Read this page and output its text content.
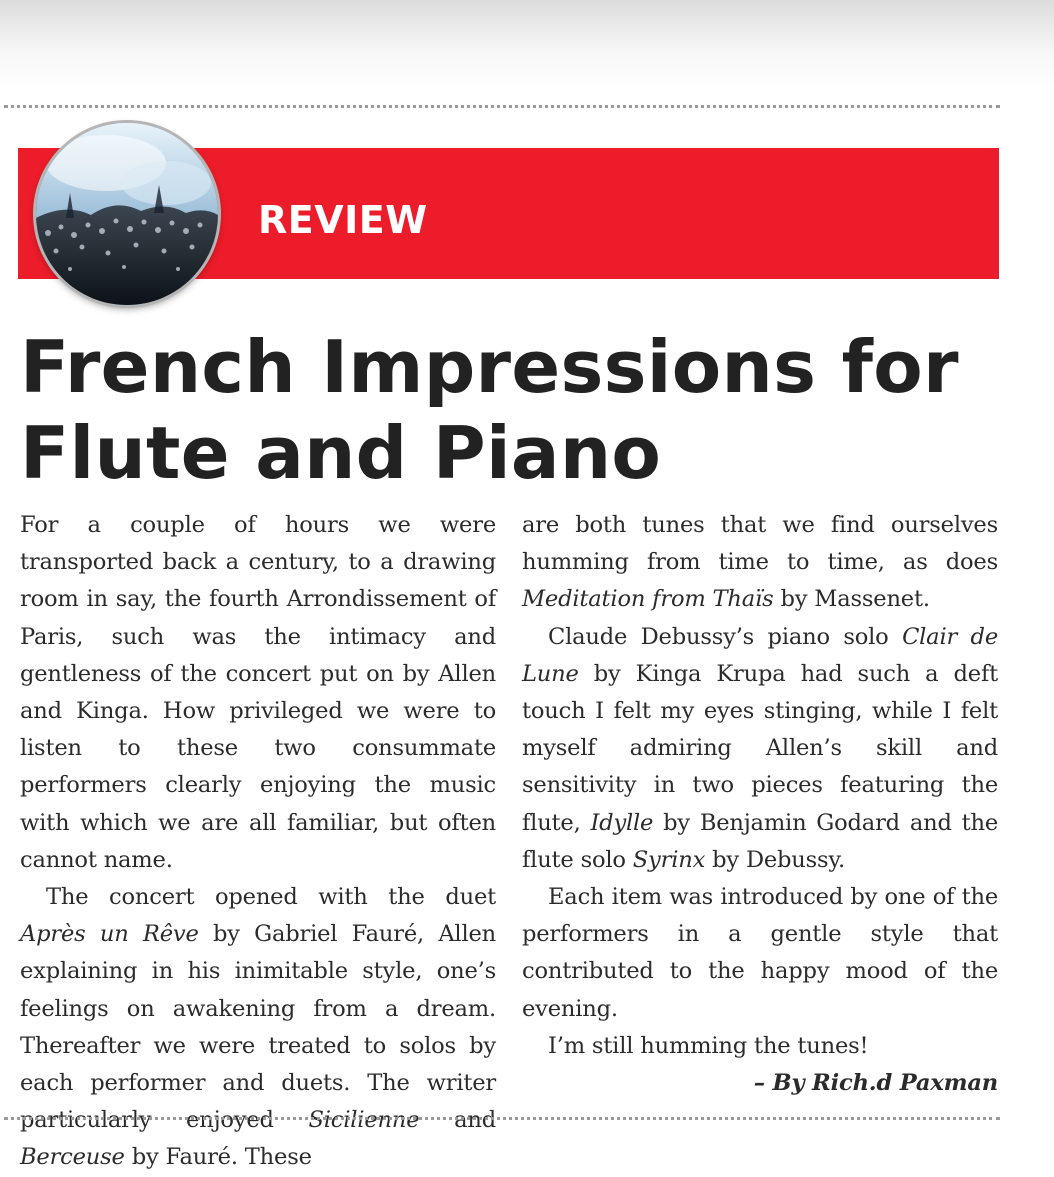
REVIEW
French Impressions for
Flute and Piano

For a couple of hours we were transported back a century, to a drawing room in say, the fourth Arrondissement of Paris, such was the intimacy and gentleness of the concert put on by Allen and Kinga. How privileged we were to listen to these two consummate performers clearly enjoying the music with which we are all familiar, but often cannot name.

The concert opened with the duet Après un Rêve by Gabriel Fauré, Allen explaining in his inimitable style, one’s feelings on awakening from a dream. Thereafter we were treated to solos by each performer and duets. The writer particularly enjoyed Sicilienne and Berceuse by Fauré. These

are both tunes that we find ourselves humming from time to time, as does Meditation from Thaïs by Massenet.

Claude Debussy’s piano solo Clair de Lune by Kinga Krupa had such a deft touch I felt my eyes stinging, while I felt myself admiring Allen’s skill and sensitivity in two pieces featuring the flute, Idylle by Benjamin Godard and the flute solo Syrinx by Debussy.

Each item was introduced by one of the performers in a gentle style that contributed to the happy mood of the evening.

I’m still humming the tunes!

– By Rich.d Paxman
